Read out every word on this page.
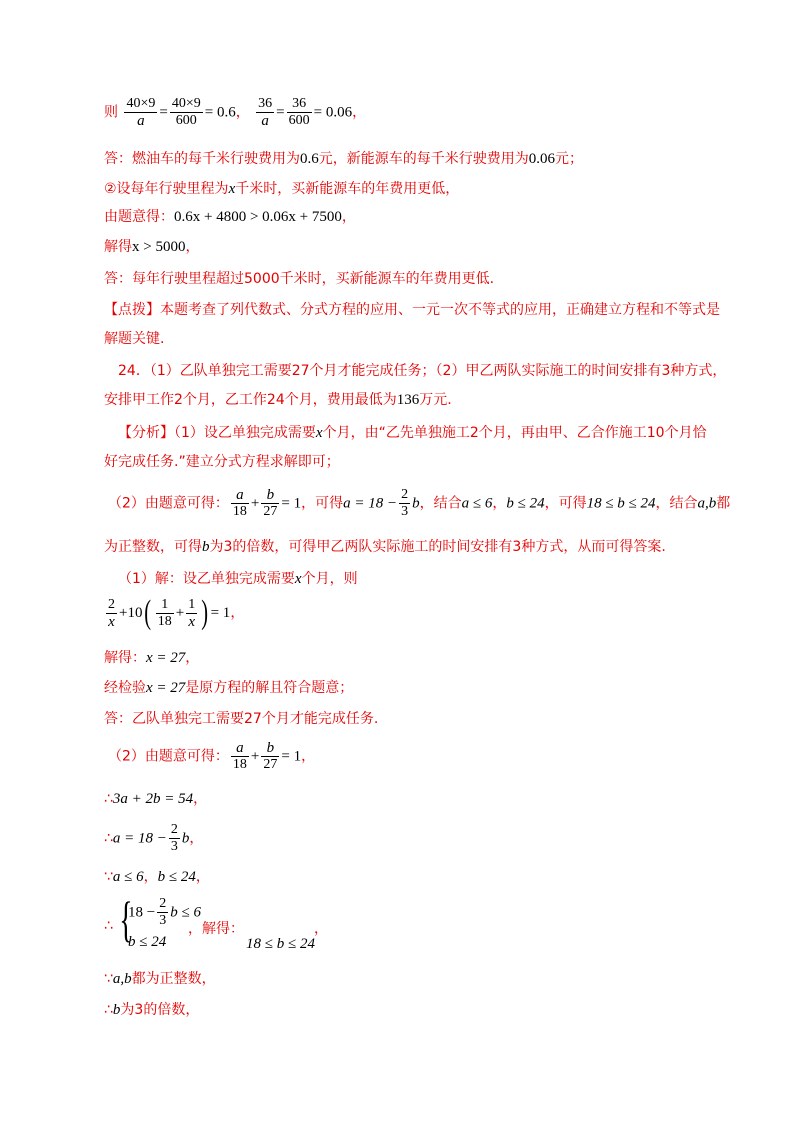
则 $\frac{40\times 9}{a} = \frac{40\times 9}{600} = 0.6$， $\frac{36}{a} = \frac{36}{600} = 0.06$，
答：燃油车的每千米行驶费用为0.6元，新能源车的每千米行驶费用为0.06元；
②设每年行驶里程为x千米时，买新能源车的年费用更低，
由题意得：0.6x + 4800 > 0.06x + 7500，
解得x > 5000，
答：每年行驶里程超过5000千米时，买新能源车的年费用更低.
【点拨】本题考查了列代数式、分式方程的应用、一元一次不等式的应用，正确建立方程和不等式是
解题关键.
24．（1）乙队单独完工需要27个月才能完成任务；（2）甲乙两队实际施工的时间安排有3种方式，
安排甲工作2个月，乙工作24个月，费用最低为136万元.
【分析】（1）设乙单独完成需要x个月，由“乙先单独施工2个月，再由甲、乙合作施工10个月恰
好完成任务.”建立分式方程求解即可；
（2）由题意可得： $\frac{a}{18} + \frac{b}{27} = 1$，可得$a = 18 - \frac{2}{3}$ b，结合a ≤ 6，b ≤ 24，可得18 ≤ b ≤ 24，结合a,b都
为正整数，可得b为3的倍数，可得甲乙两队实际施工的时间安排有3种方式，从而可得答案.
（1）解：设乙单独完成需要x个月，则
$\frac{2}{x} +10( \frac{1}{18} + \frac{1}{x}$ ) = 1，
解得：x = 27，
经检验x = 27是原方程的解且符合题意；
答：乙队单独完工需要27个月才能完成任务.
（2）由题意可得： $\frac{a}{18} + \frac{b}{27} = 1$，
∴3a + 2b = 54，
∴a = $18 - \frac{2}{3}$ b，
∵a ≤ 6，b ≤ 24，
∴ {
$18 - \frac{2}{3}$ b ≤ 6
b ≤ 24
，解得：
18 ≤ b ≤ 24
，
∵a,b都为正整数，
∴b为3的倍数，
